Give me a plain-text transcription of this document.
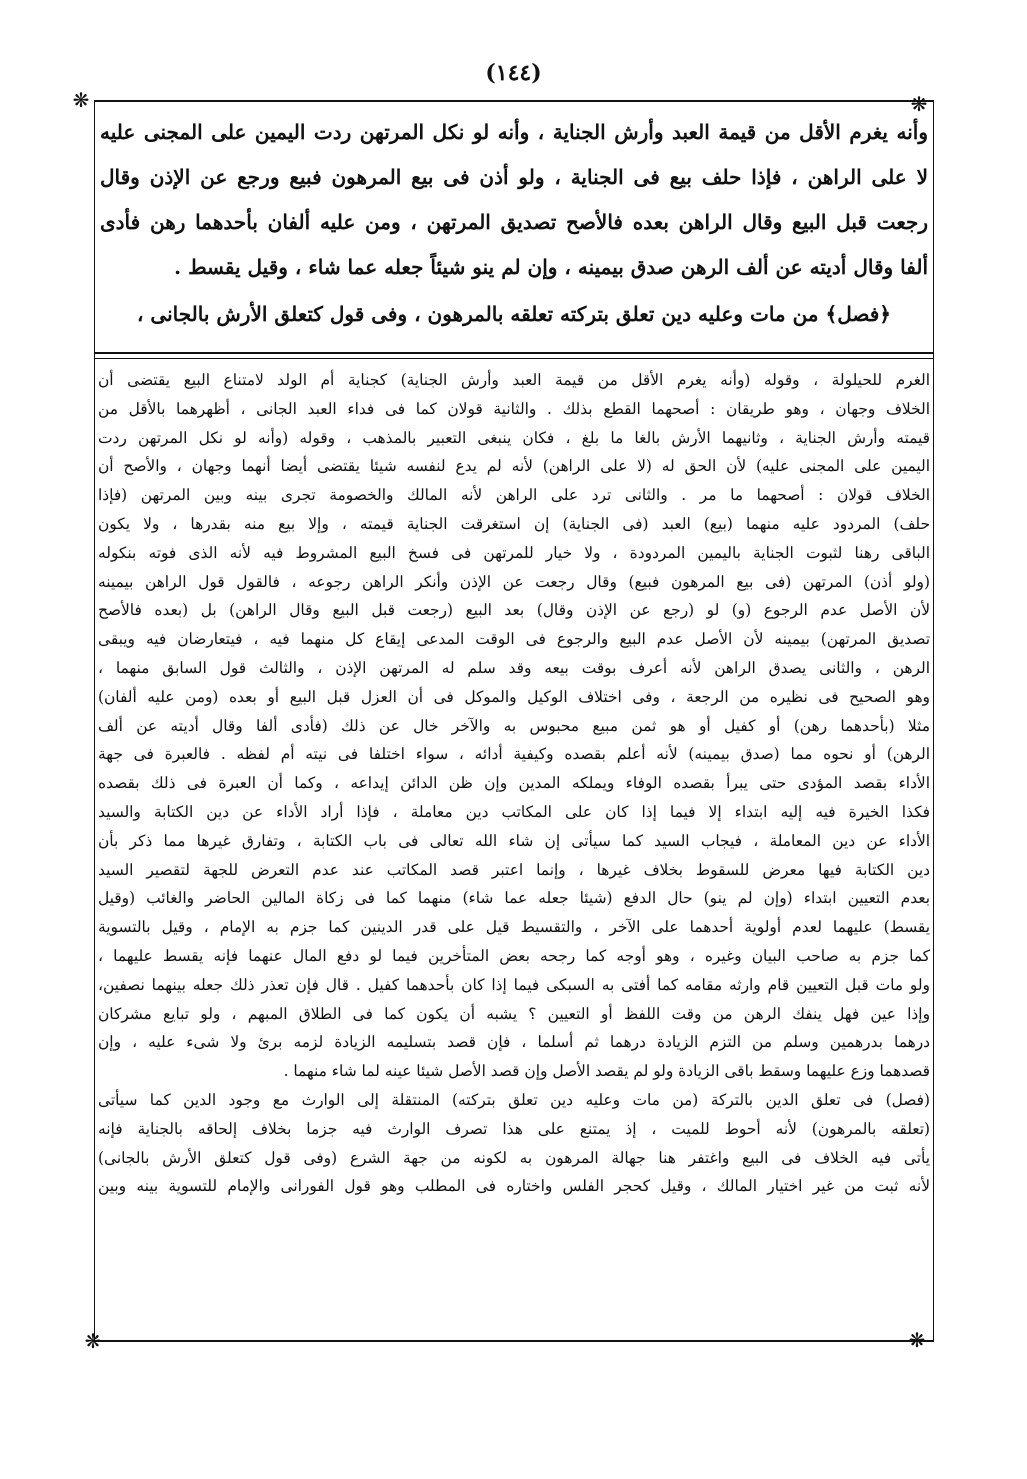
(١٤٤)
❋	❋
❋	❋

وأنه يغرم الأقل من قيمة العبد وأرش الجناية ، وأنه لو نكل المرتهن ردت اليمين على المجنى عليه

لا على الراهن ، فإذا حلف بيع فى الجناية ، ولو أذن فى بيع المرهون فبيع ورجع عن الإذن وقال

رجعت قبل البيع وقال الراهن بعده فالأصح تصديق المرتهن ، ومن عليه ألفان بأحدهما رهن فأدى

ألفا وقال أديته عن ألف الرهن صدق بيمينه ، وإن لم ينو شيئاً جعله عما شاء ، وقيل يقسط .

﴿فصل﴾ من مات وعليه دين تعلق بتركته تعلقه بالمرهون ، وفى قول كتعلق الأرش بالجانى ،

الغرم للحيلولة ، وقوله (وأنه يغرم الأقل من قيمة العبد وأرش الجناية) كجناية أم الولد لامتناع البيع يقتضى أن

الخلاف وجهان ، وهو طريقان : أصحهما القطع بذلك . والثانية قولان كما فى فداء العبد الجانى ، أظهرهما بالأقل من

قيمته وأرش الجناية ، وثانيهما الأرش بالغا ما بلغ ، فكان ينبغى التعبير بالمذهب ، وقوله (وأنه لو نكل المرتهن ردت

اليمين على المجنى عليه) لأن الحق له (لا على الراهن) لأنه لم يدع لنفسه شيئا يقتضى أيضا أنهما وجهان ، والأصح أن

الخلاف قولان : أصحهما ما مر . والثانى ترد على الراهن لأنه المالك والخصومة تجرى بينه وبين المرتهن (فإذا

حلف) المردود عليه منهما (بيع) العبد (فى الجناية) إن استغرقت الجناية قيمته ، وإلا بيع منه بقدرها ، ولا يكون

الباقى رهنا لثبوت الجناية باليمين المردودة ، ولا خيار للمرتهن فى فسخ البيع المشروط فيه لأنه الذى فوته بنكوله

(ولو أذن) المرتهن (فى بيع المرهون فبيع) وقال رجعت عن الإذن وأنكر الراهن رجوعه ، فالقول قول الراهن بيمينه

لأن الأصل عدم الرجوع (و) لو (رجع عن الإذن وقال) بعد البيع (رجعت قبل البيع وقال الراهن) بل (بعده فالأصح

تصديق المرتهن) بيمينه لأن الأصل عدم البيع والرجوع فى الوقت المدعى إيقاع كل منهما فيه ، فيتعارضان فيه ويبقى

الرهن ، والثانى يصدق الراهن لأنه أعرف بوقت بيعه وقد سلم له المرتهن الإذن ، والثالث قول السابق منهما ،

وهو الصحيح فى نظيره من الرجعة ، وفى اختلاف الوكيل والموكل فى أن العزل قبل البيع أو بعده (ومن عليه ألفان)

مثلا (بأحدهما رهن) أو كفيل أو هو ثمن مبيع محبوس به والآخر خال عن ذلك (فأدى ألفا وقال أديته عن ألف

الرهن) أو نحوه مما (صدق بيمينه) لأنه أعلم بقصده وكيفية أدائه ، سواء اختلفا فى نيته أم لفظه . فالعبرة فى جهة

الأداء بقصد المؤدى حتى يبرأ بقصده الوفاء ويملكه المدين وإن ظن الدائن إيداعه ، وكما أن العبرة فى ذلك بقصده

فكذا الخيرة فيه إليه ابتداء إلا فيما إذا كان على المكاتب دين معاملة ، فإذا أراد الأداء عن دين الكتابة والسيد

الأداء عن دين المعاملة ، فيجاب السيد كما سيأتى إن شاء الله تعالى فى باب الكتابة ، وتفارق غيرها مما ذكر بأن

دين الكتابة فيها معرض للسقوط بخلاف غيرها ، وإنما اعتبر قصد المكاتب عند عدم التعرض للجهة لتقصير السيد

بعدم التعيين ابتداء (وإن لم ينو) حال الدفع (شيئا جعله عما شاء) منهما كما فى زكاة المالين الحاضر والغائب (وقيل

يقسط) عليهما لعدم أولوية أحدهما على الآخر ، والتقسيط قيل على قدر الدينين كما جزم به الإمام ، وقيل بالتسوية

كما جزم به صاحب البيان وغيره ، وهو أوجه كما رجحه بعض المتأخرين فيما لو دفع المال عنهما فإنه يقسط عليهما ،

ولو مات قبل التعيين قام وارثه مقامه كما أفتى به السبكى فيما إذا كان بأحدهما كفيل . قال فإن تعذر ذلك جعله بينهما نصفين،

وإذا عين فهل ينفك الرهن من وقت اللفظ أو التعيين ؟ يشبه أن يكون كما فى الطلاق المبهم ، ولو تبايع مشركان

درهما بدرهمين وسلم من التزم الزيادة درهما ثم أسلما ، فإن قصد بتسليمه الزيادة لزمه برئ ولا شىء عليه ، وإن

قصدهما وزع عليهما وسقط باقى الزيادة ولو لم يقصد الأصل وإن قصد الأصل شيئا عينه لما شاء منهما .

(فصل) فى تعلق الدين بالتركة (من مات وعليه دين تعلق بتركته) المنتقلة إلى الوارث مع وجود الدين كما سيأتى

(تعلقه بالمرهون) لأنه أحوط للميت ، إذ يمتنع على هذا تصرف الوارث فيه جزما بخلاف إلحاقه بالجناية فإنه

يأتى فيه الخلاف فى البيع واغتفر هنا جهالة المرهون به لكونه من جهة الشرع (وفى قول كتعلق الأرش بالجانى)

لأنه ثبت من غير اختيار المالك ، وقيل كحجر الفلس واختاره فى المطلب وهو قول الفورانى والإمام للتسوية بينه وبين
